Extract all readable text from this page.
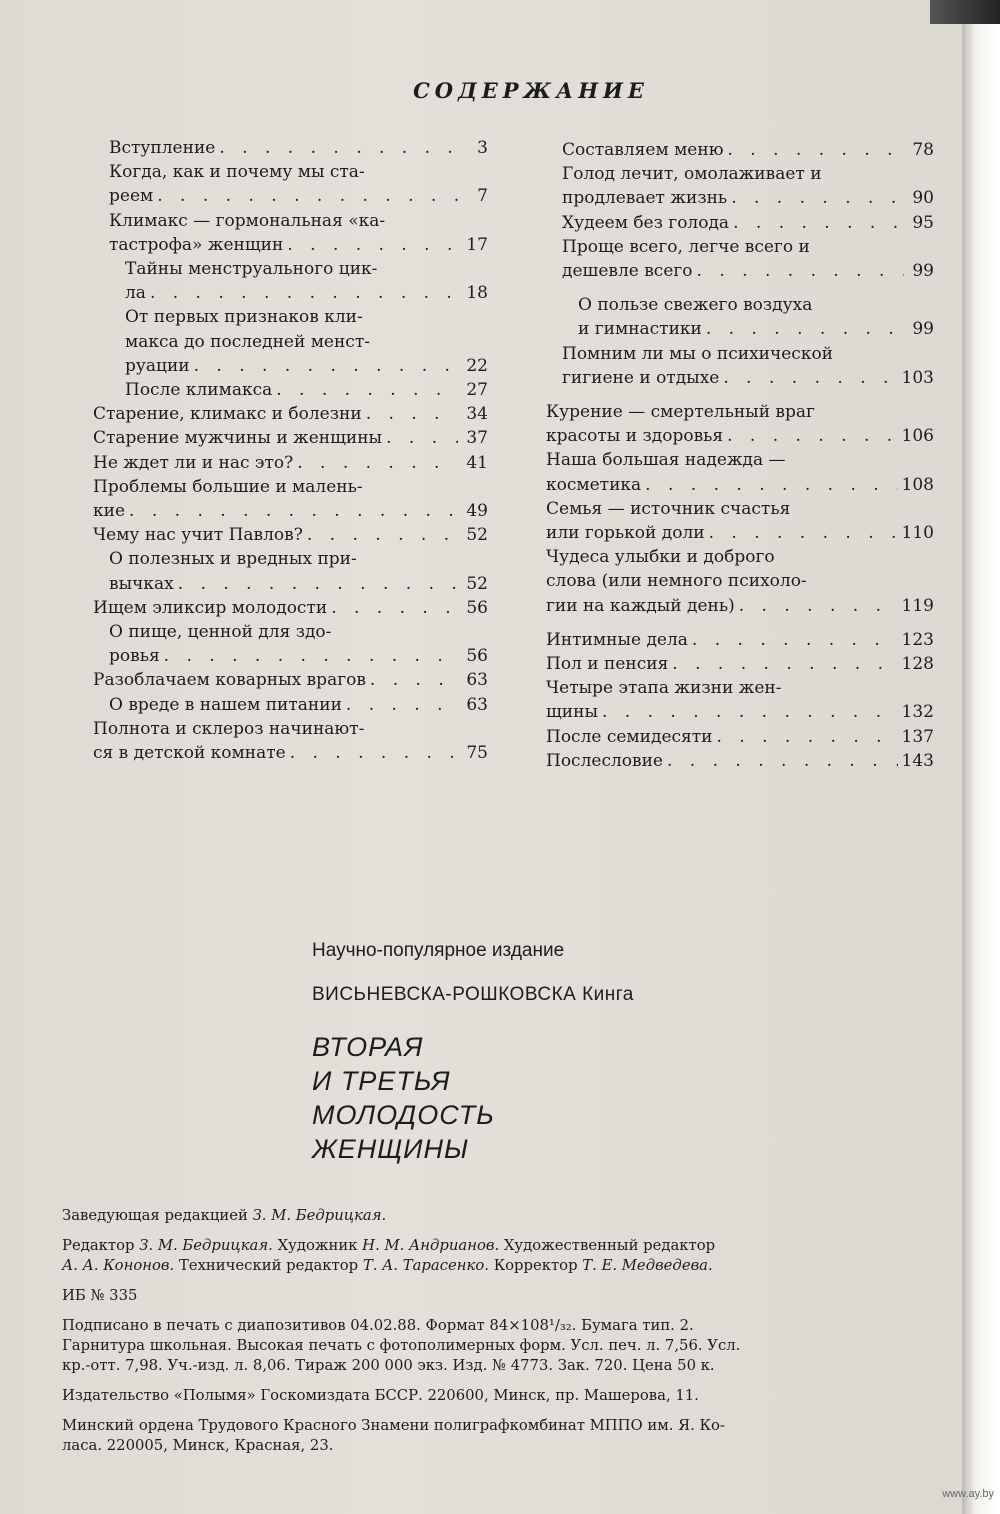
СОДЕРЖАНИЕ
Вступление . . .	3
Когда, как и почему мы ста-
реем . . .	7
Климакс — гормональная «ка-
тастрофа» женщин . . .	17
Тайны менструального цик-
ла . . .	18
От первых признаков кли-
макса до последней менст-
руации . . .	22
После климакса . . .	27
Старение, климакс и болезни . . .	34
Старение мужчины и женщины . . .	37
Не ждет ли и нас это? . . .	41
Проблемы большие и малень-
кие . . .	49
Чему нас учит Павлов? . . .	52
О полезных и вредных при-
вычках . . .	52
Ищем эликсир молодости . . .	56
О пище, ценной для здо-
ровья . . .	56
Разоблачаем коварных врагов . . .	63
О вреде в нашем питании . . .	63
Полнота и склероз начинают-
ся в детской комнате . . .	75
Составляем меню . . .	78
Голод лечит, омолаживает и
продлевает жизнь . . .	90
Худеем без голода . . .	95
Проще всего, легче всего и
дешевле всего . . .	99
О пользе свежего воздуха
и гимнастики . . .	99
Помним ли мы о психической
гигиене и отдыхе . . .	103
Курение — смертельный враг
красоты и здоровья . . .	106
Наша большая надежда —
косметика . . .	108
Семья — источник счастья
или горькой доли . . .	110
Чудеса улыбки и доброго
слова (или немного психоло-
гии на каждый день) . . .	119
Интимные дела . . .	123
Пол и пенсия . . .	128
Четыре этапа жизни жен-
щины . . .	132
После семидесяти . . .	137
Послесловие . . .	143
Научно-популярное издание
ВИСЬНЕВСКА-РОШКОВСКА Кинга
ВТОРАЯ
И ТРЕТЬЯ
МОЛОДОСТЬ
ЖЕНЩИНЫ
Заведующая редакцией З. М. Бедрицкая.
Редактор З. М. Бедрицкая. Художник Н. М. Андрианов. Художественный редактор
А. А. Кононов. Технический редактор Т. А. Тарасенко. Корректор Т. Е. Медведева.
ИБ № 335
Подписано в печать с диапозитивов 04.02.88. Формат 84×108¹/₃₂. Бумага тип. 2.
Гарнитура школьная. Высокая печать с фотополимерных форм. Усл. печ. л. 7,56. Усл.
кр.-отт. 7,98. Уч.-изд. л. 8,06. Тираж 200 000 экз. Изд. № 4773. Зак. 720. Цена 50 к.
Издательство «Полымя» Госкомиздата БССР. 220600, Минск, пр. Машерова, 11.
Минский ордена Трудового Красного Знамени полиграфкомбинат МППО им. Я. Ко-
ласа. 220005, Минск, Красная, 23.
www.ay.by
